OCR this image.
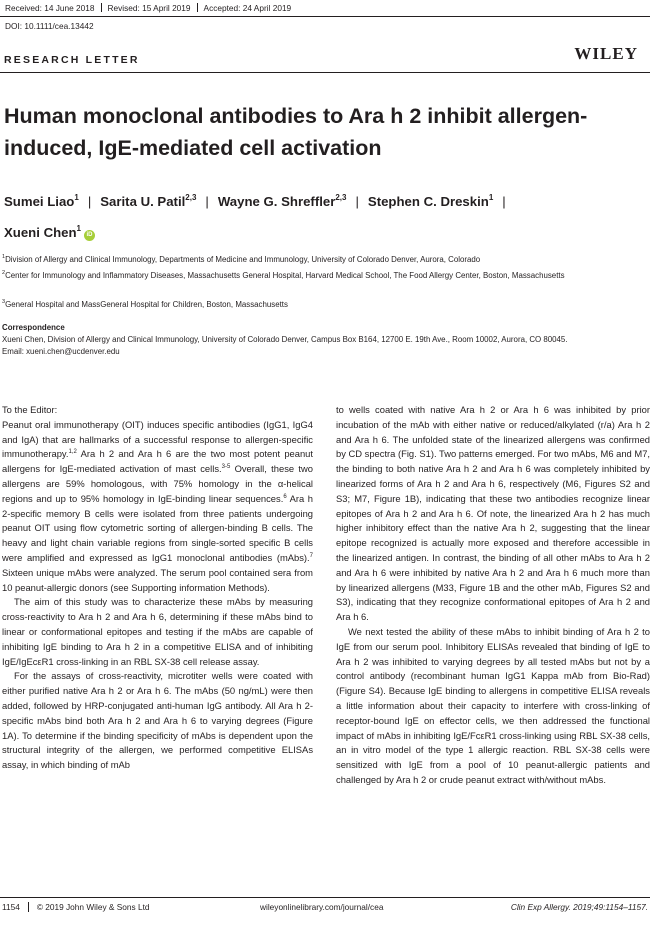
Received: 14 June 2018 Revised: 15 April 2019 Accepted: 24 April 2019
DOI: 10.1111/cea.13442
RESEARCH LETTER	WILEY
Human monoclonal antibodies to Ara h 2 inhibit allergen-induced, IgE-mediated cell activation
Sumei Liao$^1$ | Sarita U. Patil$^{2,3}$ | Wayne G. Shreffler$^{2,3}$ | Stephen C. Dreskin$^1$ |
Xueni Chen$^1$iD
$^1$Division of Allergy and Clinical Immunology, Departments of Medicine and Immunology, University of Colorado Denver, Aurora, Colorado
$^2$Center for Immunology and Inflammatory Diseases, Massachusetts General Hospital, Harvard Medical School, The Food Allergy Center, Boston, Massachusetts
$^3$General Hospital and MassGeneral Hospital for Children, Boston, Massachusetts
Correspondence
Xueni Chen, Division of Allergy and Clinical Immunology, University of Colorado Denver, Campus Box B164, 12700 E. 19th Ave., Room 10002, Aurora, CO 80045.
Email: xueni.chen@ucdenver.edu

To the Editor:

Peanut oral immunotherapy (OIT) induces specific antibodies (IgG1, IgG4 and IgA) that are hallmarks of a successful response to allergen-specific immunotherapy.$^{1,2}$ Ara h 2 and Ara h 6 are the two most potent peanut allergens for IgE-mediated activation of mast cells.$^{3-5}$ Overall, these two allergens are 59% homologous, with 75% homology in the α-helical regions and up to 95% homology in IgE-binding linear sequences.$^6$ Ara h 2-specific memory B cells were isolated from three patients undergoing peanut OIT using flow cytometric sorting of allergen-binding B cells. The heavy and light chain variable regions from single-sorted specific B cells were amplified and expressed as IgG1 monoclonal antibodies (mAbs).$^7$ Sixteen unique mAbs were analyzed. The serum pool contained sera from 10 peanut-allergic donors (see Supporting information Methods).

The aim of this study was to characterize these mAbs by measuring cross-reactivity to Ara h 2 and Ara h 6, determining if these mAbs bind to linear or conformational epitopes and testing if the mAbs are capable of inhibiting IgE binding to Ara h 2 in a competitive ELISA and of inhibiting IgE/IgEcεR1 cross-linking in an RBL SX-38 cell release assay.

For the assays of cross-reactivity, microtiter wells were coated with either purified native Ara h 2 or Ara h 6. The mAbs (50 ng/mL) were then added, followed by HRP-conjugated anti-human IgG antibody. All Ara h 2-specific mAbs bind both Ara h 2 and Ara h 6 to varying degrees (Figure 1A). To determine if the binding specificity of mAbs is dependent upon the structural integrity of the allergen, we performed competitive ELISAs assay, in which binding of mAb

to wells coated with native Ara h 2 or Ara h 6 was inhibited by prior incubation of the mAb with either native or reduced/alkylated (r/a) Ara h 2 and Ara h 6. The unfolded state of the linearized allergens was confirmed by CD spectra (Fig. S1). Two patterns emerged. For two mAbs, M6 and M7, the binding to both native Ara h 2 and Ara h 6 was completely inhibited by linearized forms of Ara h 2 and Ara h 6, respectively (M6, Figures S2 and S3; M7, Figure 1B), indicating that these two antibodies recognize linear epitopes of Ara h 2 and Ara h 6. Of note, the linearized Ara h 2 has much higher inhibitory effect than the native Ara h 2, suggesting that the linear epitope recognized is actually more exposed and therefore accessible in the linearized antigen. In contrast, the binding of all other mAbs to Ara h 2 and Ara h 6 were inhibited by native Ara h 2 and Ara h 6 much more than by linearized allergens (M33, Figure 1B and the other mAb, Figures S2 and S3), indicating that they recognize conformational epitopes of Ara h 2 and Ara h 6.

We next tested the ability of these mAbs to inhibit binding of Ara h 2 to IgE from our serum pool. Inhibitory ELISAs revealed that binding of IgE to Ara h 2 was inhibited to varying degrees by all tested mAbs but not by a control antibody (recombinant human IgG1 Kappa mAb from Bio-Rad) (Figure S4). Because IgE binding to allergens in competitive ELISA reveals a little information about their capacity to interfere with cross-linking of receptor-bound IgE on effector cells, we then addressed the functional impact of mAbs in inhibiting IgE/FcεR1 cross-linking using RBL SX-38 cells, an in vitro model of the type 1 allergic reaction. RBL SX-38 cells were sensitized with IgE from a pool of 10 peanut-allergic patients and challenged by Ara h 2 or crude peanut extract with/without mAbs.

1154 © 2019 John Wiley & Sons Ltd	wileyonlinelibrary.com/journal/cea	Clin Exp Allergy. 2019;49:1154–1157.
